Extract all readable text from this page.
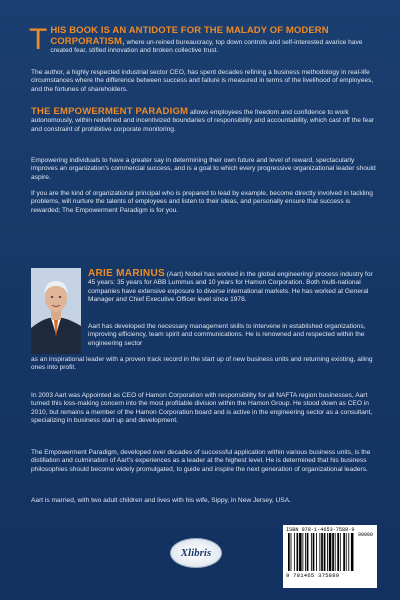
T HIS BOOK IS AN ANTIDOTE FOR THE MALADY OF MODERN CORPORATISM, where un-reined bureaucracy, top down controls and self-interested avarice have created fear, stifled innovation and broken collective trust.

The author, a highly respected industrial sector CEO, has spent decades refining a business methodology in real-life circumstances where the difference between success and failure is measured in terms of the livelihood of employees, and the fortunes of shareholders.

THE EMPOWERMENT PARADIGM allows employees the freedom and confidence to work autonomously, within redefined and incentivized boundaries of responsibility and accountability, which cast off the fear and constraint of prohibitive corporate monitoring.

Empowering individuals to have a greater say in determining their own future and level of reward, spectacularly improves an organization's commercial success, and is a goal to which every progressive organizational leader should aspire.

If you are the kind of organizational principal who is prepared to lead by example, become directly involved in tackling problems, will nurture the talents of employees and listen to their ideas, and personally ensure that success is rewarded; The Empowerment Paradigm is for you.

ARIE MARINUS (Aart) Nobel has worked in the global engineering/ process industry for 45 years: 35 years for ABB Lummus and 10 years for Hamon Corporation. Both multi-national companies have extensive exposure to diverse international markets. He has worked at General Manager and Chief Executive Officer level since 1978.

Aart has developed the necessary management skills to intervene in established organizations, improving efficiency, team spirit and communications. He is renowned and respected within the engineering sector

as an inspirational leader with a proven track record in the start up of new business units and returning existing, ailing ones into profit.

In 2003 Aart was Appointed as CEO of Hamon Corporation with responsibility for all NAFTA region businesses, Aart turned this loss-making concern into the most profitable division within the Hamon Group. He stood down as CEO in 2010, but remains a member of the Hamon Corporation board and is active in the engineering sector as a consultant, specializing in business start up and development.

The Empowerment Paradigm, developed over decades of successful application within various business units, is the distillation and culmination of Aart's experiences as a leader at the highest level. He is determined that his business philosophies should become widely promulgated, to guide and inspire the next generation of organizational leaders.

Aart is married, with two adult children and lives with his wife, Sippy, in New Jersey, USA.

Xlibris
ISBN 978-1-4653-7588-9
90000
9 781465 375889
